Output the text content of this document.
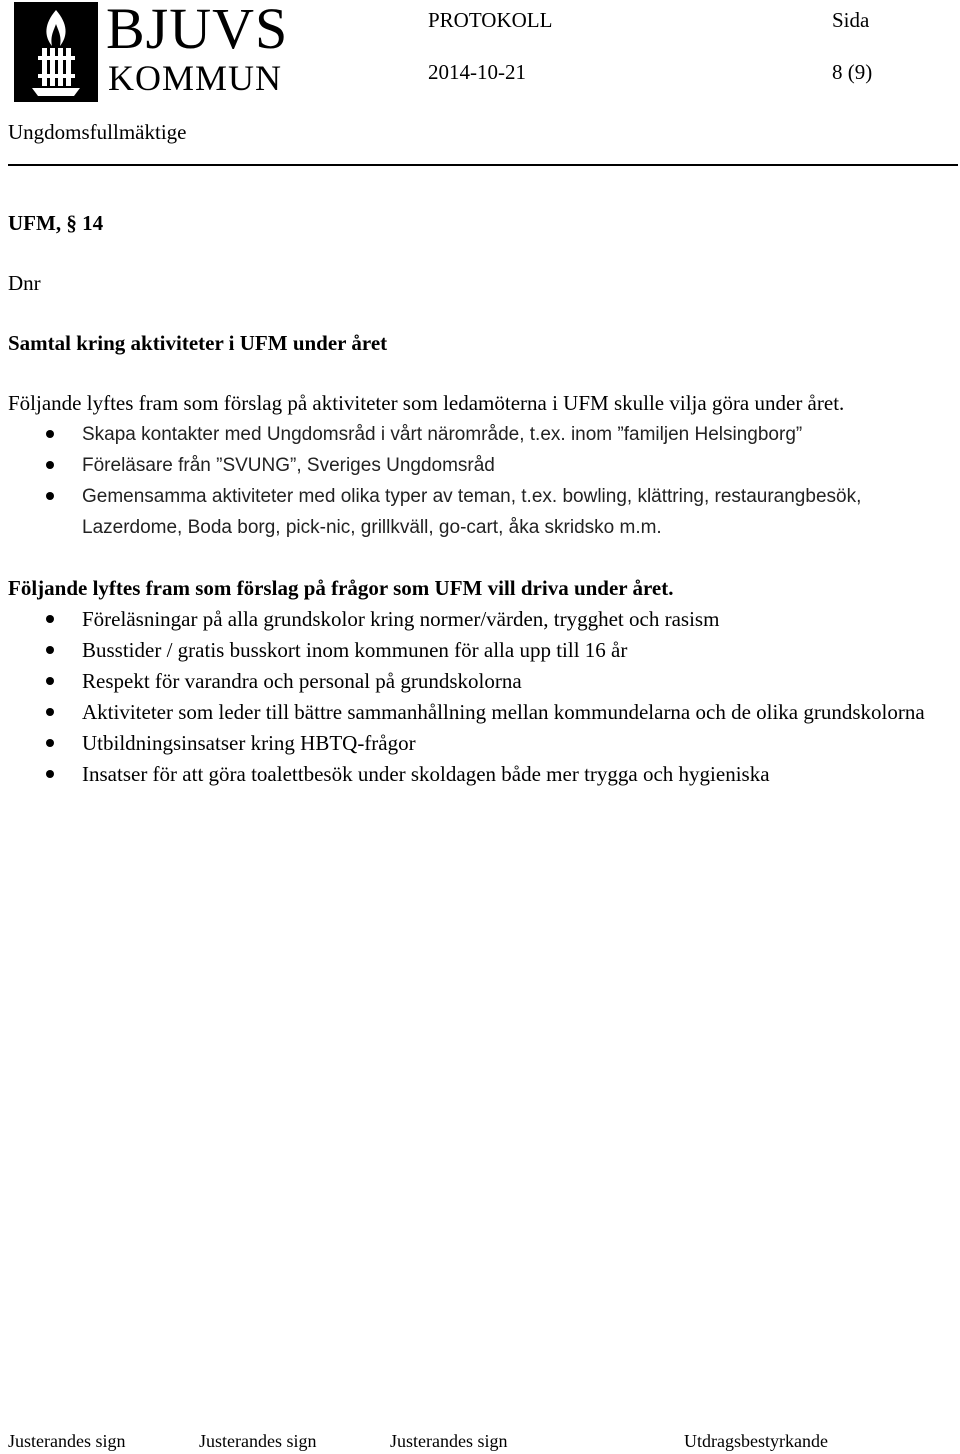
BJUVS
KOMMUN
PROTOKOLL	Sida
2014-10-21	8 (9)
Ungdomsfullmäktige

UFM, § 14

Dnr

Samtal kring aktiviteter i UFM under året

Följande lyftes fram som förslag på aktiviteter som ledamöterna i UFM skulle vilja göra under året.

Skapa kontakter med Ungdomsråd i vårt närområde, t.ex. inom ”familjen Helsingborg”
Föreläsare från ”SVUNG”, Sveriges Ungdomsråd
Gemensamma aktiviteter med olika typer av teman, t.ex. bowling, klättring, restaurangbesök, Lazerdome, Boda borg, pick-nic, grillkväll, go-cart, åka skridsko m.m.

Följande lyftes fram som förslag på frågor som UFM vill driva under året.

Föreläsningar på alla grundskolor kring normer/värden, trygghet och rasism
Busstider / gratis busskort inom kommunen för alla upp till 16 år
Respekt för varandra och personal på grundskolorna
Aktiviteter som leder till bättre sammanhållning mellan kommundelarna och de olika grundskolorna
Utbildningsinsatser kring HBTQ-frågor
Insatser för att göra toalettbesök under skoldagen både mer trygga och hygieniska
Justerandes sign	Justerandes sign	Justerandes sign	Utdragsbestyrkande
